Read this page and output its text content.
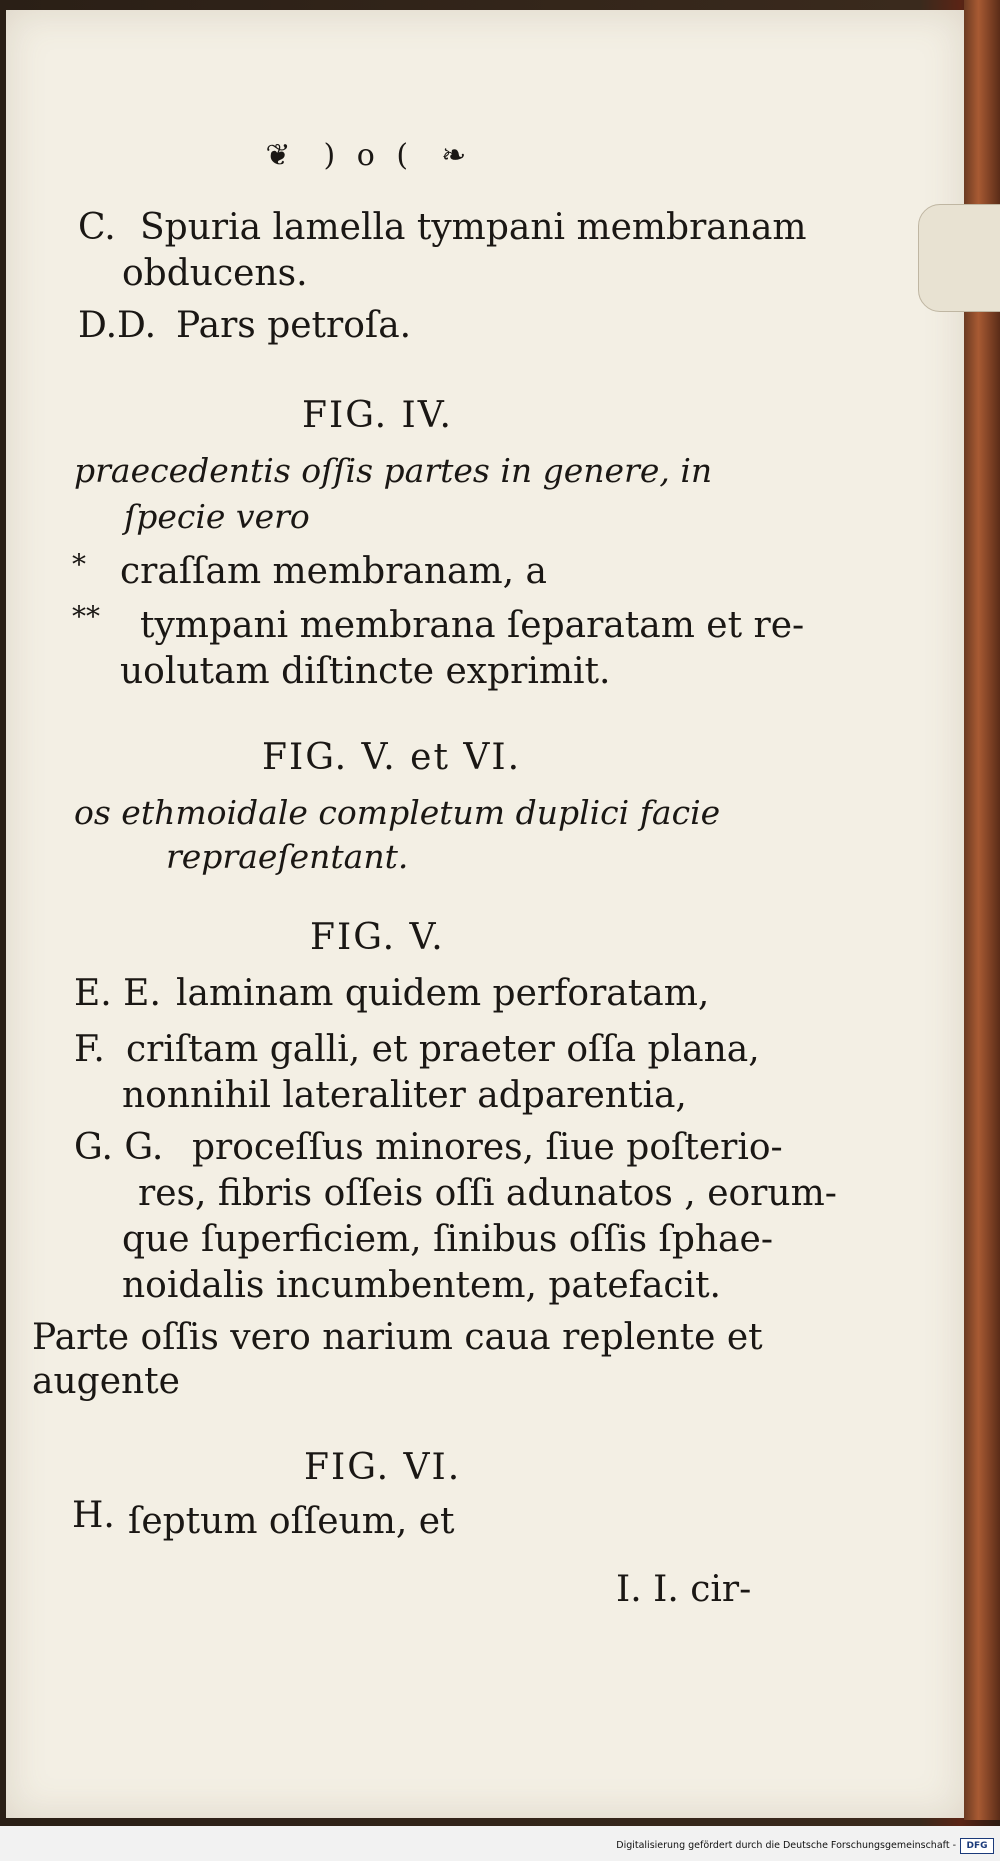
❦ ) o ( ❧
C. Spuria lamella tympani membranam
obducens.
D.D. Pars petroſa.
FIG. IV.
praecedentis oſſis partes in genere, in
ſpecie vero
* craſſam membranam, a
** tympani membrana ſeparatam et re-
uolutam diſtincte exprimit.
FIG. V. et VI.
os ethmoidale completum duplici facie
repraeſentant.
FIG. V.
E. E. laminam quidem perforatam,
F. criſtam galli, et praeter oſſa plana,
nonnihil lateraliter adparentia,
G. G. proceſſus minores, ſiue poſterio-
res, fibris oſſeis oſſi adunatos , eorum-
que ſuperficiem, ſinibus oſſis ſphae-
noidalis incumbentem, patefacit.
Parte oſſis vero narium caua replente et
augente
FIG. VI.
H. ſeptum oſſeum, et
I. I. cir-
Digitalisierung gefördert durch die Deutsche Forschungsgemeinschaft -	DFG
